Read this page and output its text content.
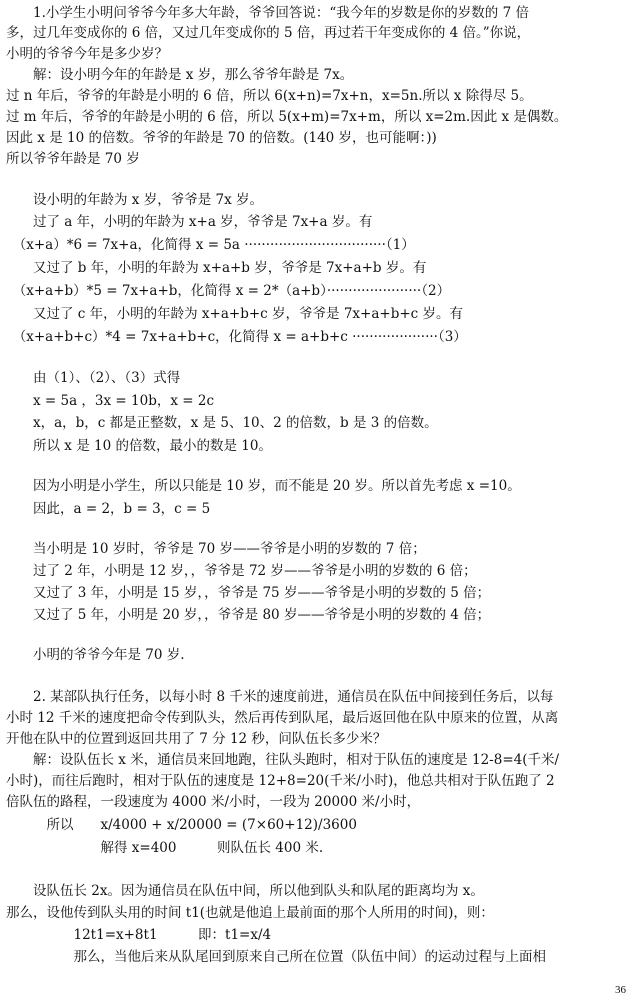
　　1.小学生小明问爷爷今年多大年龄，爷爷回答说：“我今年的岁数是你的岁数的 7 倍
多，过几年变成你的 6 倍，又过几年变成你的 5 倍，再过若干年变成你的 4 倍。”你说，
小明的爷爷今年是多少岁？
　　解：设小明今年的年龄是 x 岁，那么爷爷年龄是 7x。
过 n 年后，爷爷的年龄是小明的 6 倍，所以 6(x+n)=7x+n，x=5n.所以 x 除得尽 5。
过 m 年后，爷爷的年龄是小明的 6 倍，所以 5(x+m)=7x+m，所以 x=2m.因此 x 是偶数。
因此 x 是 10 的倍数。爷爷的年龄是 70 的倍数。(140 岁，也可能啊：))
所以爷爷年龄是 70 岁
　　设小明的年龄为 x 岁，爷爷是 7x 岁。
　　过了 a 年，小明的年龄为 x+a 岁，爷爷是 7x+a 岁。有
　（x+a）*6 = 7x+a，化简得 x = 5a ·································（1）
　　又过了 b 年，小明的年龄为 x+a+b 岁，爷爷是 7x+a+b 岁。有
　（x+a+b）*5 = 7x+a+b，化简得 x = 2*（a+b）······················（2）
　　又过了 c 年，小明的年龄为 x+a+b+c 岁，爷爷是 7x+a+b+c 岁。有
　（x+a+b+c）*4 = 7x+a+b+c，化简得 x = a+b+c ····················（3）
　　由（1）、（2）、（3）式得
　　x = 5a ，3x = 10b，x = 2c
　　x，a，b，c 都是正整数，x 是 5、10、2 的倍数，b 是 3 的倍数。
　　所以 x 是 10 的倍数，最小的数是 10。
　　因为小明是小学生，所以只能是 10 岁，而不能是 20 岁。所以首先考虑 x =10。
　　因此，a = 2，b = 3，c = 5
　　当小明是 10 岁时，爷爷是 70 岁——爷爷是小明的岁数的 7 倍；
　　过了 2 年，小明是 12 岁，，爷爷是 72 岁——爷爷是小明的岁数的 6 倍；
　　又过了 3 年，小明是 15 岁，，爷爷是 75 岁——爷爷是小明的岁数的 5 倍；
　　又过了 5 年，小明是 20 岁，，爷爷是 80 岁——爷爷是小明的岁数的 4 倍；
　　小明的爷爷今年是 70 岁.
　　2. 某部队执行任务，以每小时 8 千米的速度前进，通信员在队伍中间接到任务后，以每
小时 12 千米的速度把命令传到队头，然后再传到队尾，最后返回他在队中原来的位置，从离
开他在队中的位置到返回共用了 7 分 12 秒，问队伍长多少米？
　　解：设队伍长 x 米，通信员来回地跑，往队头跑时，相对于队伍的速度是 12-8=4(千米/
小时)，而往后跑时，相对于队伍的速度是 12+8=20(千米/小时)，他总共相对于队伍跑了 2
倍队伍的路程，一段速度为 4000 米/小时，一段为 20000 米/小时，
　　　所以　　x/4000 + x/20000 = (7×60+12)/3600
　　　　　　　解得 x=400　　　则队伍长 400 米.
　　设队伍长 2x。因为通信员在队伍中间，所以他到队头和队尾的距离均为 x。
那么，设他传到队头用的时间 t1(也就是他追上最前面的那个人所用的时间)，则：
　　　　　12t1=x+8t1　　　即：t1=x/4
　　　　　那么，当他后来从队尾回到原来自己所在位置（队伍中间）的运动过程与上面相
36
